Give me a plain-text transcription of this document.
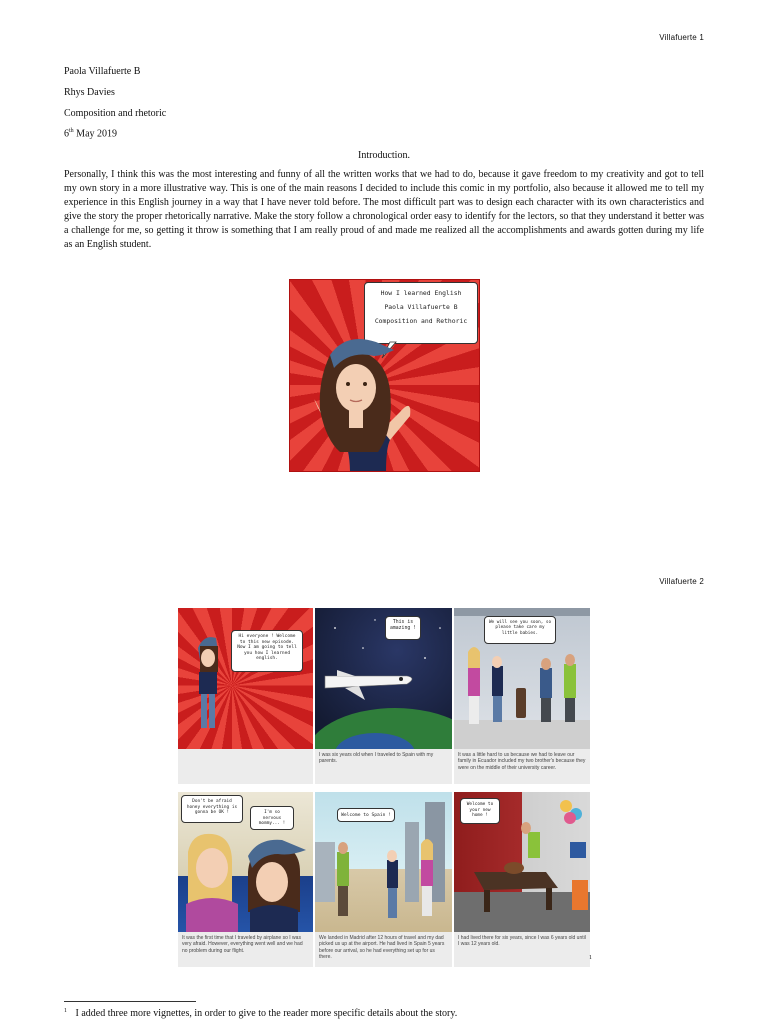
Villafuerte 1
Paola Villafuerte B
Rhys Davies
Composition and rhetoric
6th May 2019
Introduction.
Personally, I think this was the most interesting and funny of all the written works that we had to do, because it gave freedom to my creativity and got to tell my own story in a more illustrative way. This is one of the main reasons I decided to include this comic in my portfolio, also because it allowed me to tell my experience in this English journey in a way that I have never told before. The most difficult part was to design each character with its own characteristics and give the story the proper rhetorically narrative. Make the story follow a chronological order easy to identify for the lectors, so that they understand it better was a challenge for me, so getting it throw is something that I am really proud of and made me realized all the accomplishments and awards gotten during my life as an English student.
How I learned English
Paola Villafuerte B
Composition and Rethoric
Villafuerte 2
Hi everyone ! Welcome to this new episode. Now I am going to tell you how I learned english.
This is amazing !
I was six years old when I traveled to Spain with my parents.
We will see you soon, so please take care my little babies.
It was a little hard to us because we had to leave our family in Ecuador included my two brother's because they were on the middle of their university career.
Don't be afraid honey everything is gonna be OK !	I'm so nervous mommy... !
It was the first time that I traveled by airplane so I was very afraid. However, everything went well and we had no problem during our flight.
Welcome to Spain !
We landed in Madrid after 12 hours of travel and my dad picked us up at the airport. He had lived in Spain 5 years before our arrival, so he had everything set up for us there.
Welcome to your new home !
I had lived there for six years, since I was 6 years old until I was 12 years old.
1
$^1$ I added three more vignettes, in order to give to the reader more specific details about the story.
